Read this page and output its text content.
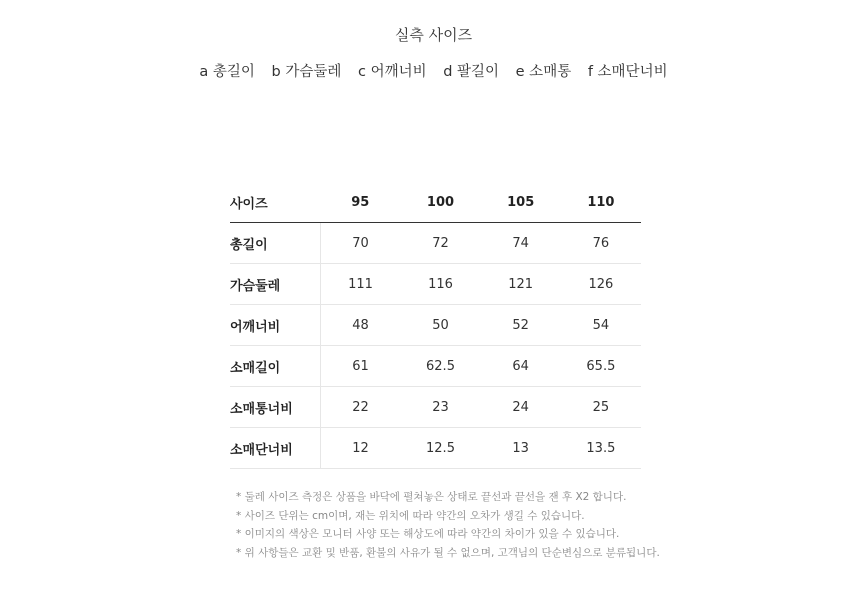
실측 사이즈
a 총길이 b 가슴둘레 c 어깨너비 d 팔길이 e 소매통 f 소매단너비
사이즈	95	100	105	110
총길이	70	72	74	76
가슴둘레	111	116	121	126
어깨너비	48	50	52	54
소매길이	61	62.5	64	65.5
소매통너비	22	23	24	25
소매단너비	12	12.5	13	13.5
* 둘레 사이즈 측정은 상품을 바닥에 펼쳐놓은 상태로 끝선과 끝선을 잰 후 X2 합니다.
* 사이즈 단위는 cm이며, 재는 위치에 따라 약간의 오차가 생길 수 있습니다.
* 이미지의 색상은 모니터 사양 또는 해상도에 따라 약간의 차이가 있을 수 있습니다.
* 위 사항들은 교환 및 반품, 환불의 사유가 될 수 없으며, 고객님의 단순변심으로 분류됩니다.
